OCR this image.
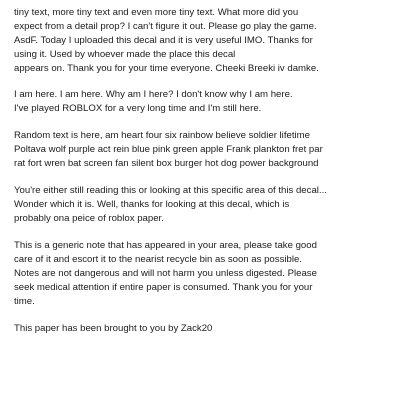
tiny text, more tiny text and even more tiny text. What more did you
expect from a detail prop? I can't figure it out. Please go play the game.
AsdF. Today I uploaded this decal and it is very useful IMO. Thanks for
using it. Used by whoever made the place this decal
appears on. Thank you for your time everyone. Cheeki Breeki iv damke.

I am here. I am here. Why am I here? I don't know why I am here.
I've played ROBLOX for a very long time and I'm still here.

Random text is here, am heart four six rainbow believe soldier lifetime
Poltava wolf purple act rein blue pink green apple Frank plankton fret par
rat fort wren bat screen fan silent box burger hot dog power background

You're either still reading this or looking at this specific area of this decal...
Wonder which it is. Well, thanks for looking at this decal, which is
probably ona peice of roblox paper.

This is a generic note that has appeared in your area, please take good
care of it and escort it to the nearist recycle bin as soon as possible.
Notes are not dangerous and will not harm you unless digested. Please
seek medical attention if entire paper is consumed. Thank you for your
time.

This paper has been brought to you by Zack20
